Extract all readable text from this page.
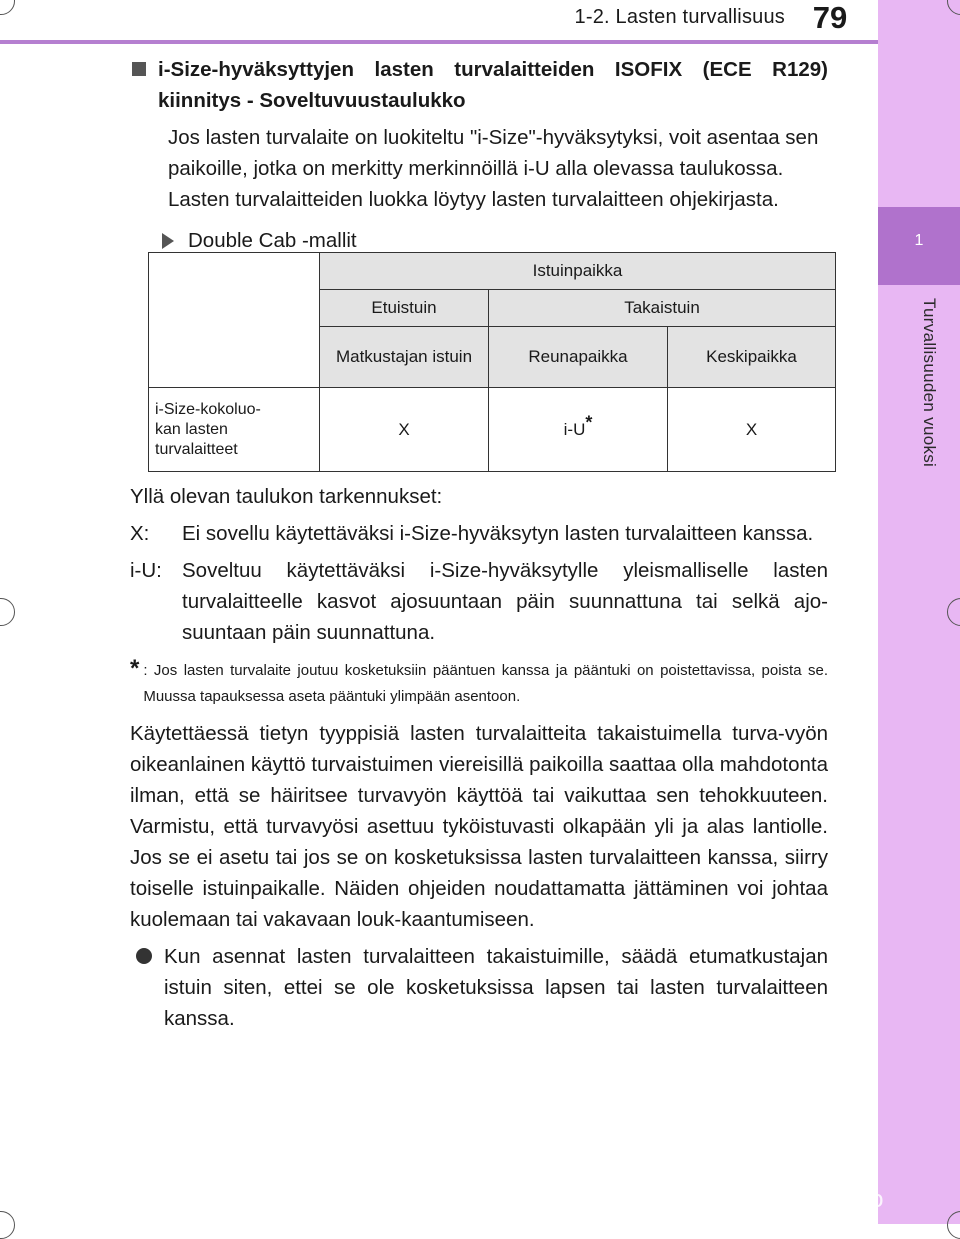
1-2. Lasten turvallisuus 79
1
Turvallisuuden vuoksi
i-Size-hyväksyttyjen lasten turvalaitteiden ISOFIX (ECE R129) kiinnitys - Soveltuvuustaulukko
Jos lasten turvalaite on luokiteltu "i-Size"-hyväksytyksi, voit asentaa sen paikoille, jotka on merkitty merkinnöillä i-U alla olevassa taulukossa. Lasten turvalaitteiden luokka löytyy lasten turvalaitteen ohjekirjasta.
Double Cab -mallit
	Istuinpaikka		
	Etuistuin	Takaistuin	
	Matkustajan istuin	Reunapaikka	Keskipaikka
i-Size-kokoluo-
kan lasten
turvalaitteet	X	i-U*	X
Yllä olevan taulukon tarkennukset:
X:	Ei sovellu käytettäväksi i-Size-hyväksytyn lasten turvalaitteen kanssa.
i-U: Soveltuu käytettäväksi i-Size-hyväksytylle yleismalliselle lasten turvalaitteelle kasvot ajosuuntaan päin suunnattuna tai selkä ajo-suuntaan päin suunnattuna.
* : Jos lasten turvalaite joutuu kosketuksiin pääntuen kanssa ja pääntuki on poistettavissa, poista se. Muussa tapauksessa aseta pääntuki ylimpään asentoon.
Käytettäessä tietyn tyyppisiä lasten turvalaitteita takaistuimella turva-vyön oikeanlainen käyttö turvaistuimen viereisillä paikoilla saattaa olla mahdotonta ilman, että se häiritsee turvavyön käyttöä tai vaikuttaa sen tehokkuuteen. Varmistu, että turvavyösi asettuu tyköistuvasti olkapään yli ja alas lantiolle. Jos se ei asetu tai jos se on kosketuksissa lasten turvalaitteen kanssa, siirry toiselle istuinpaikalle. Näiden ohjeiden noudattamatta jättäminen voi johtaa kuolemaan tai vakavaan louk-kaantumiseen.
Kun asennat lasten turvalaitteen takaistuimille, säädä etumatkustajan istuin siten, ettei se ole kosketuksissa lapsen tai lasten turvalaitteen kanssa.
carmanualsonline.info
